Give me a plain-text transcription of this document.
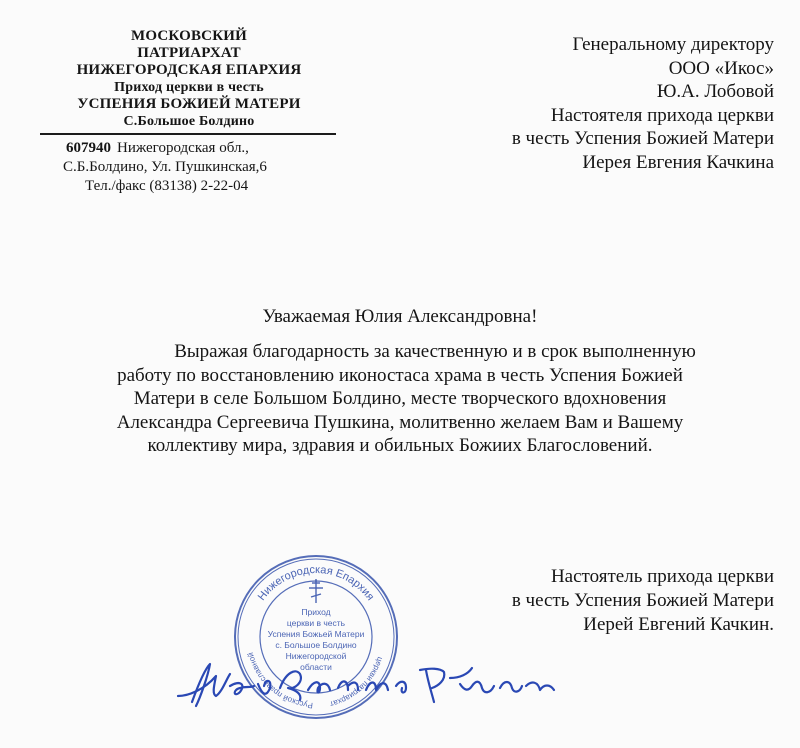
МОСКОВСКИЙ
ПАТРИАРХАТ
НИЖЕГОРОДСКАЯ ЕПАРХИЯ
Приход церкви в честь
УСПЕНИЯ БОЖИЕЙ МАТЕРИ
С.Большое Болдино
607940 Нижегородская обл.,
С.Б.Болдино, Ул. Пушкинская,6
Тел./факс (83138) 2-22-04
Генеральному директору
ООО «Икос»
Ю.А. Лобовой
Настоятеля прихода церкви
в честь Успения Божией Матери
Иерея Евгения Качкина
Уважаемая Юлия Александровна!
Выражая благодарность за качественную и в срок выполненную
работу по восстановлению иконостаса храма в честь Успения Божией
Матери в селе Большом Болдино, месте творческого вдохновения
Александра Сергеевича Пушкина, молитвенно желаем Вам и Вашему
коллективу мира, здравия и обильных Божиих Благословений.
Настоятель прихода церкви
в честь Успения Божией Матери
Иерей Евгений Качкин.
Нижегородская Епархия
Русской православной
церкви патриархат
Приход
церкви в честь
Успения Божьей Матери
с. Большое Болдино
Нижегородской
области
